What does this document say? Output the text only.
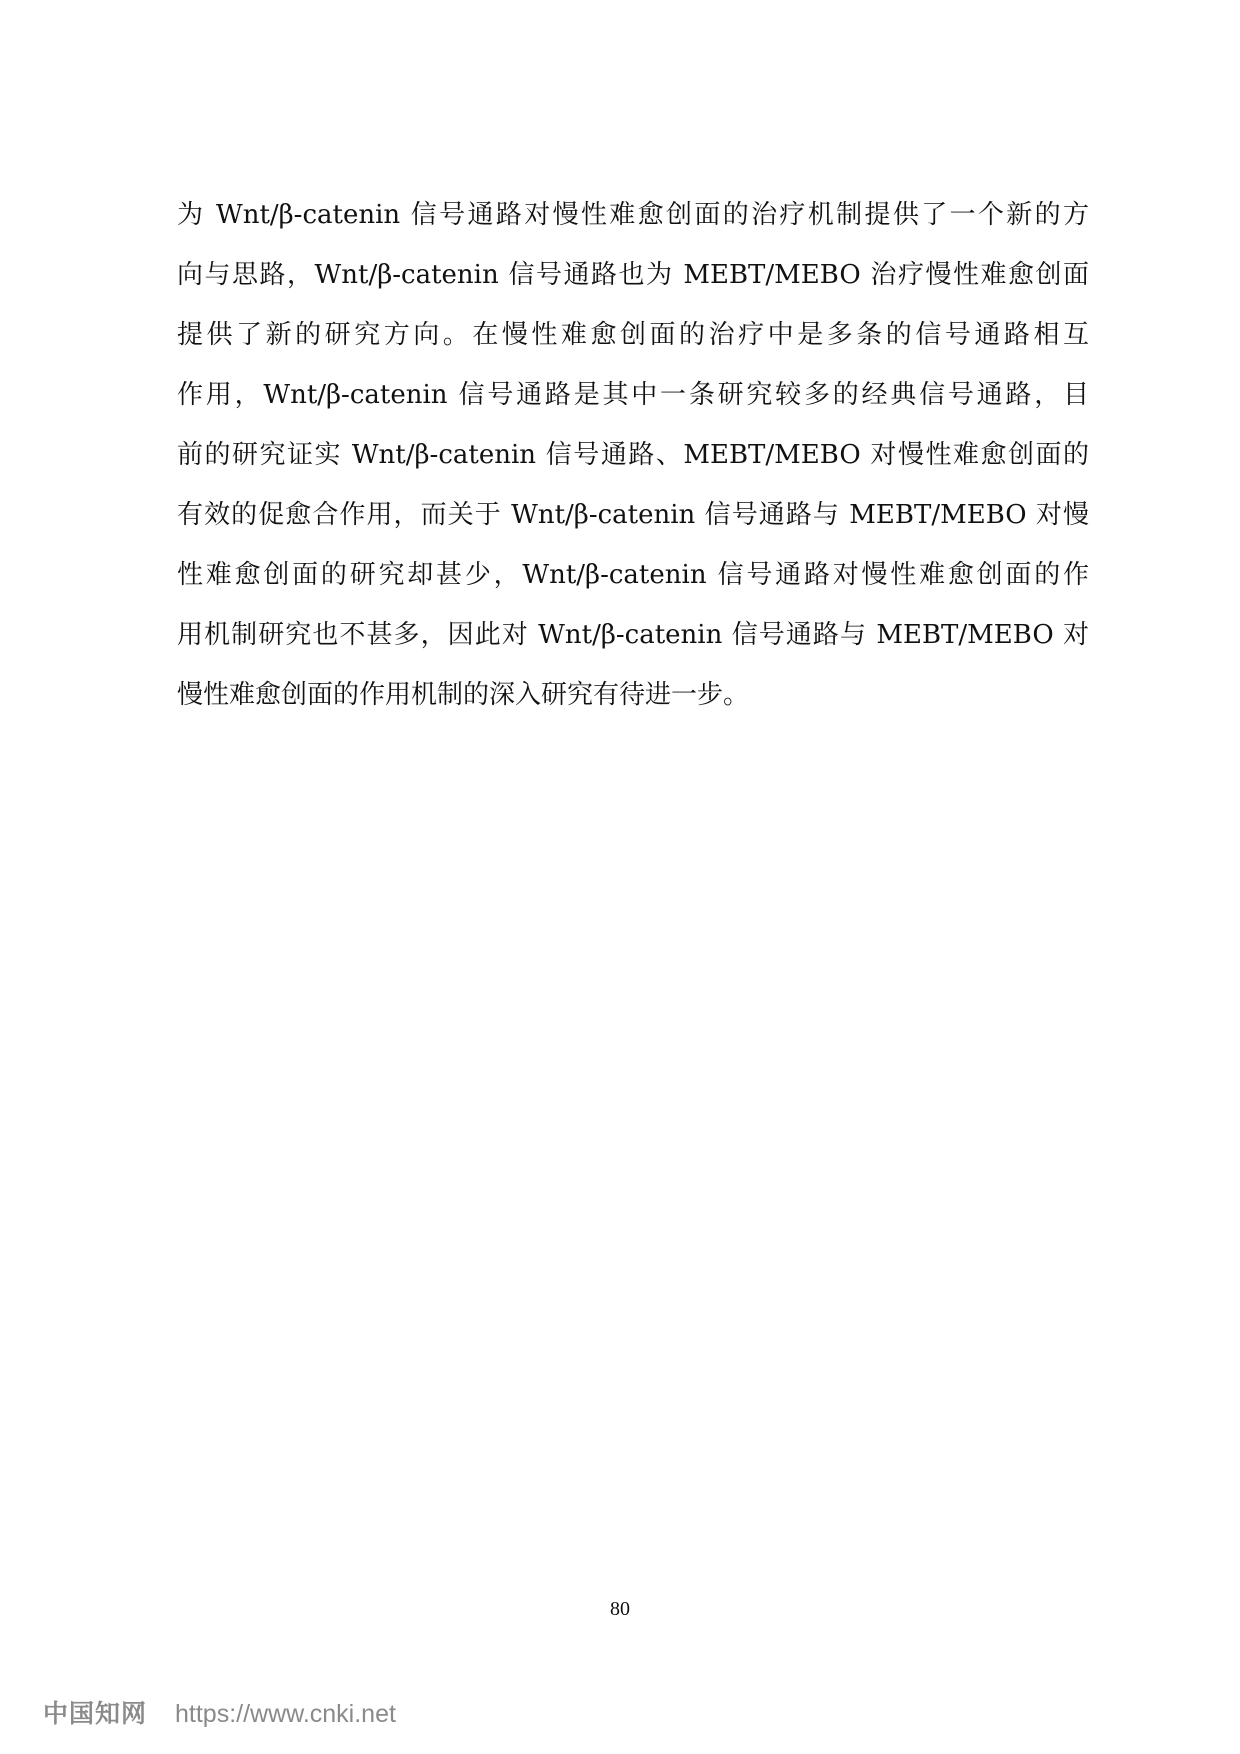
为 Wnt/β-catenin 信号通路对慢性难愈创面的治疗机制提供了一个新的方
向与思路，Wnt/β-catenin 信号通路也为 MEBT/MEBO 治疗慢性难愈创面
提供了新的研究方向。在慢性难愈创面的治疗中是多条的信号通路相互
作用，Wnt/β-catenin 信号通路是其中一条研究较多的经典信号通路，目
前的研究证实 Wnt/β-catenin 信号通路、MEBT/MEBO 对慢性难愈创面的
有效的促愈合作用，而关于 Wnt/β-catenin 信号通路与 MEBT/MEBO 对慢
性难愈创面的研究却甚少，Wnt/β-catenin 信号通路对慢性难愈创面的作
用机制研究也不甚多，因此对 Wnt/β-catenin 信号通路与 MEBT/MEBO 对
慢性难愈创面的作用机制的深入研究有待进一步。
80
中国知网 https://www.cnki.net
